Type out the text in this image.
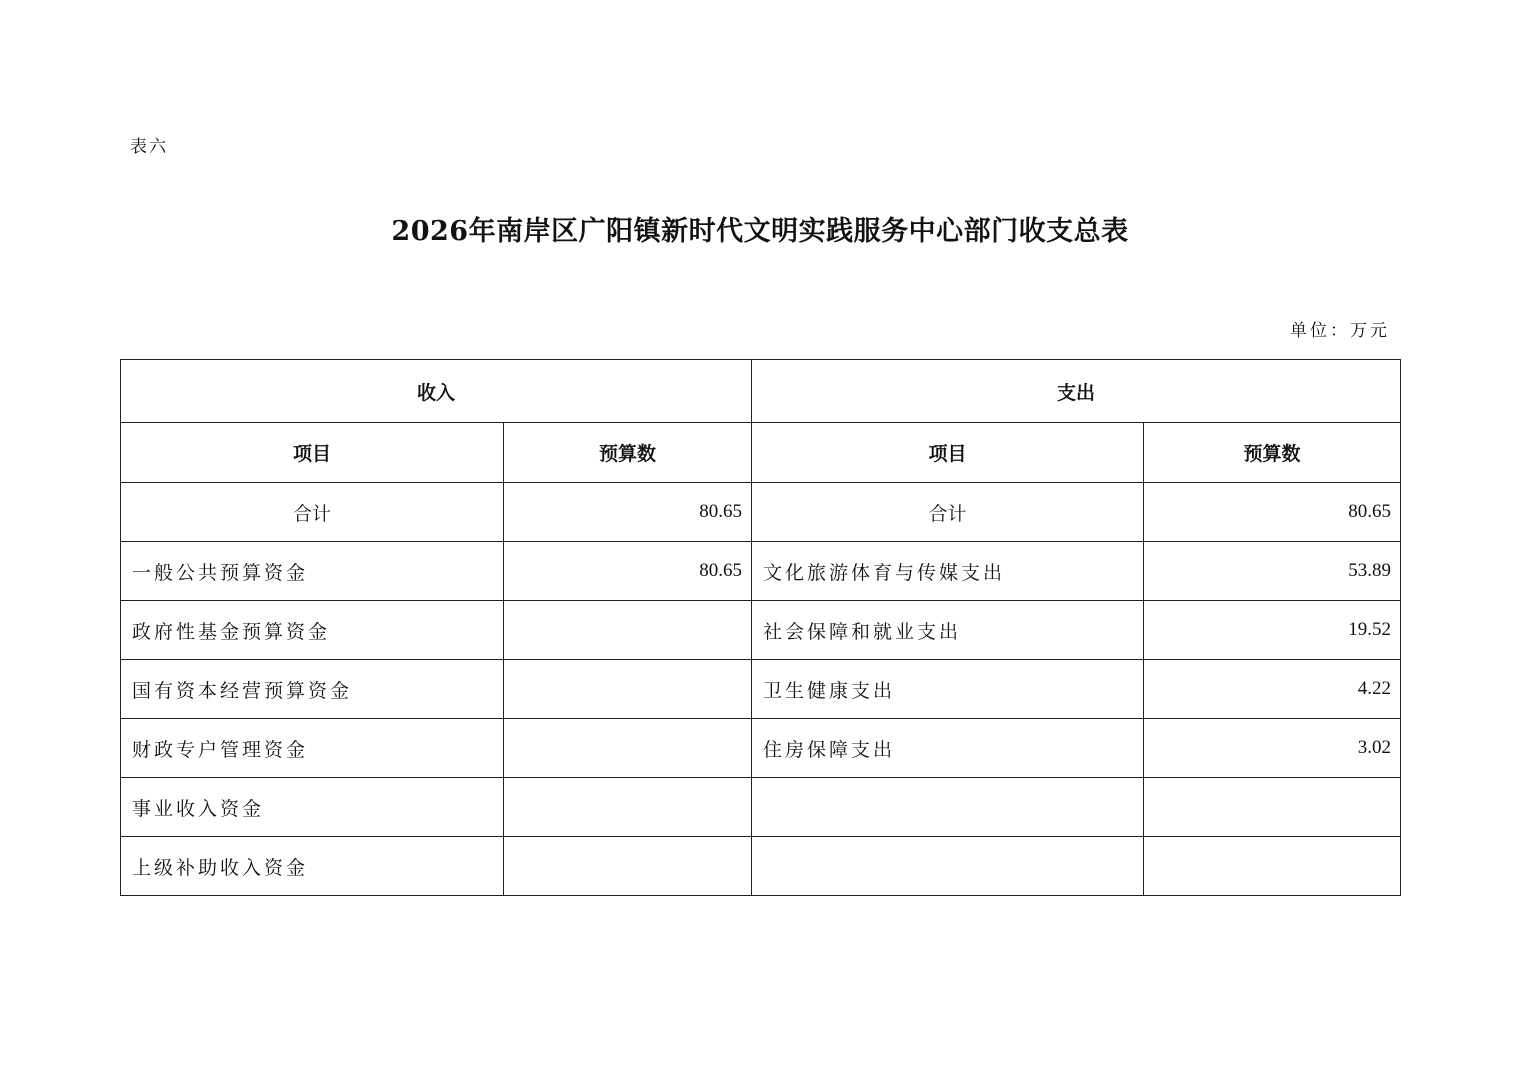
表六
2026年南岸区广阳镇新时代文明实践服务中心部门收支总表
单位：万元
收入		支出	
项目	预算数	项目	预算数
合计	80.65	合计	80.65
一般公共预算资金	80.65	文化旅游体育与传媒支出	53.89
政府性基金预算资金		社会保障和就业支出	19.52
国有资本经营预算资金		卫生健康支出	4.22
财政专户管理资金		住房保障支出	3.02
事业收入资金			
上级补助收入资金			
